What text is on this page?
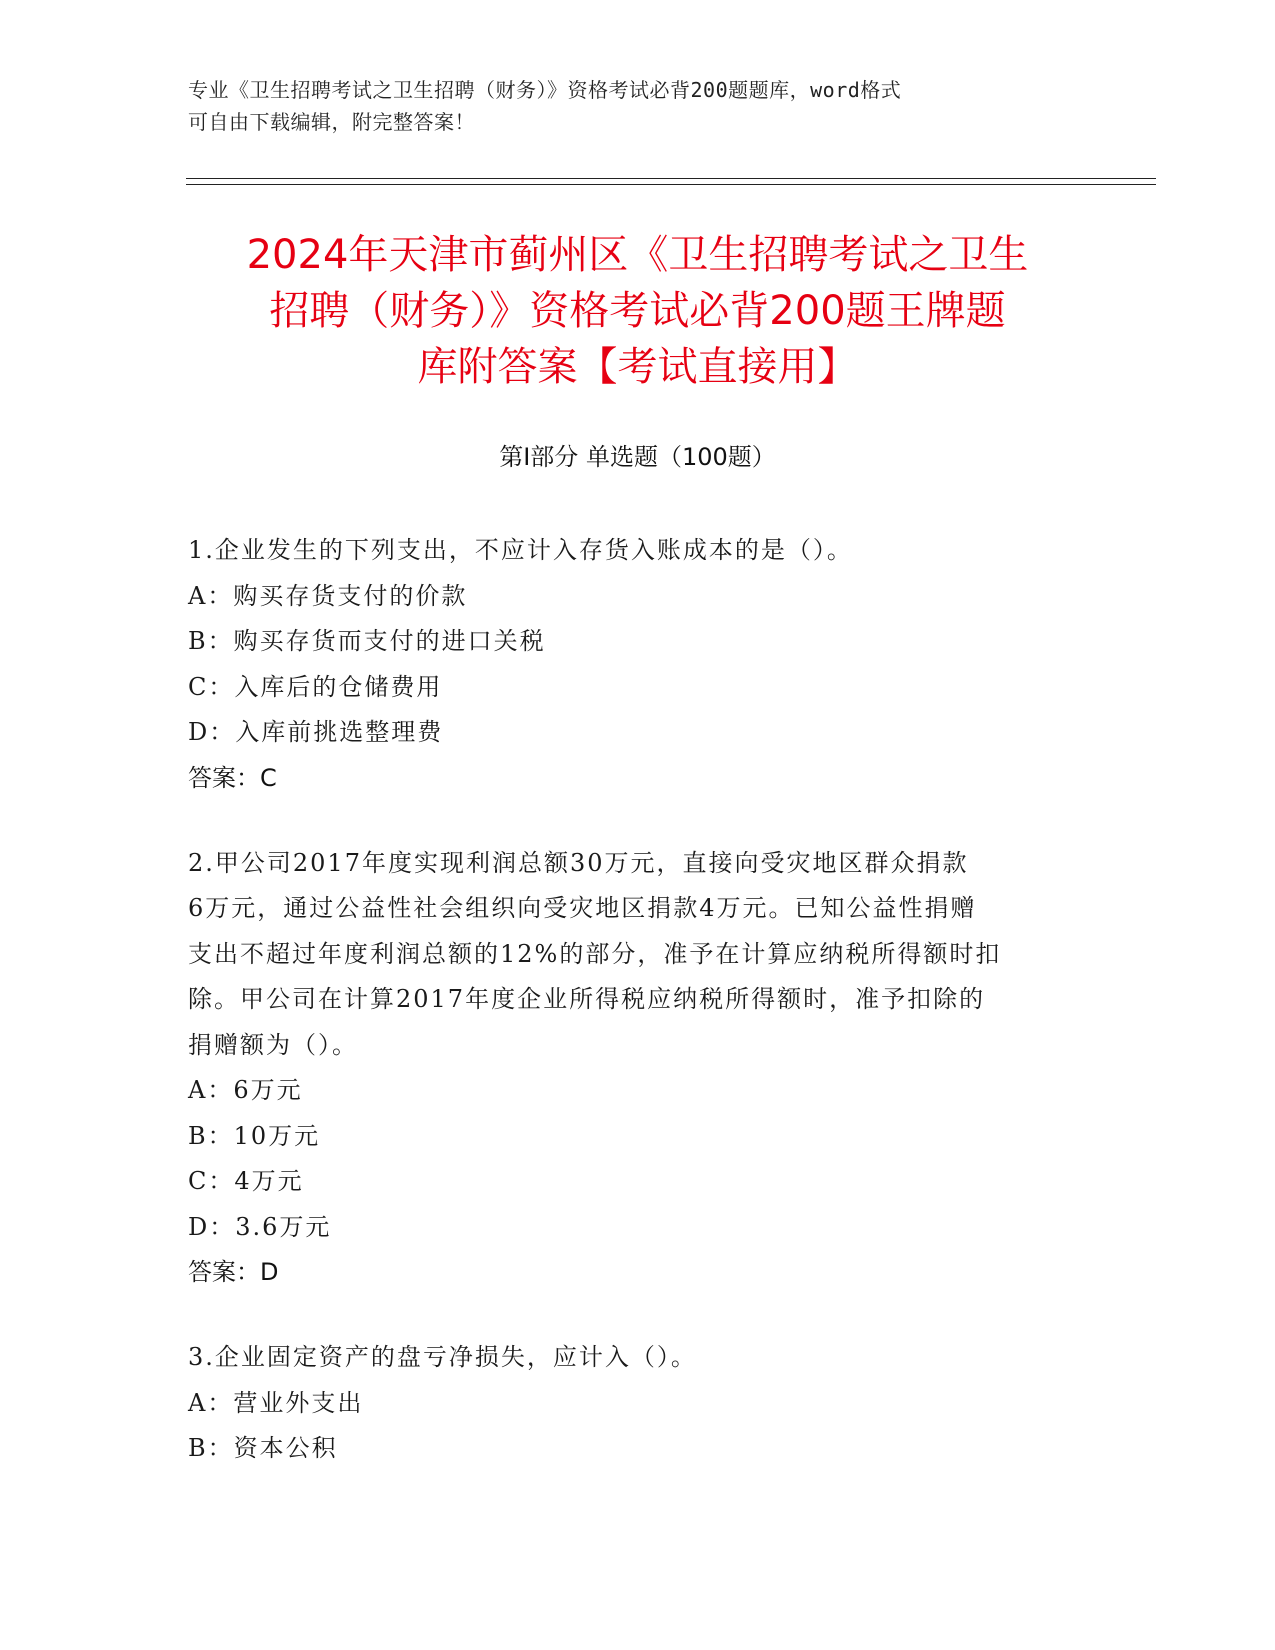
专业《卫生招聘考试之卫生招聘（财务）》资格考试必背200题题库，word格式
可自由下载编辑，附完整答案！
2024年天津市蓟州区《卫生招聘考试之卫生
招聘（财务）》资格考试必背200题王牌题
库附答案【考试直接用】
第Ⅰ部分 单选题（100题）
1.企业发生的下列支出，不应计入存货入账成本的是（）。
A：购买存货支付的价款
B：购买存货而支付的进口关税
C：入库后的仓储费用
D：入库前挑选整理费
答案：C
2.甲公司2017年度实现利润总额30万元，直接向受灾地区群众捐款
6万元，通过公益性社会组织向受灾地区捐款4万元。已知公益性捐赠
支出不超过年度利润总额的12%的部分，准予在计算应纳税所得额时扣
除。甲公司在计算2017年度企业所得税应纳税所得额时，准予扣除的
捐赠额为（）。
A：6万元
B：10万元
C：4万元
D：3.6万元
答案：D
3.企业固定资产的盘亏净损失，应计入（）。
A：营业外支出
B：资本公积
